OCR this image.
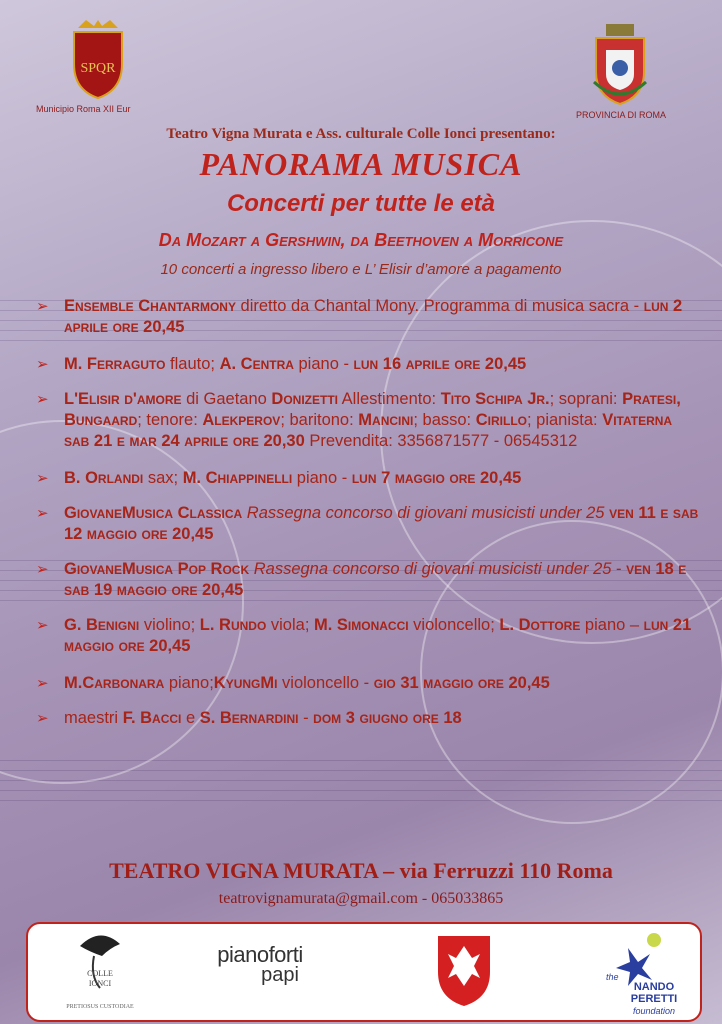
SPQR
Municipio Roma XII Eur
PROVINCIA DI ROMA
Teatro Vigna Murata e Ass. culturale Colle Ionci presentano:
PANORAMA MUSICA
Concerti per tutte le età
Da Mozart a Gershwin, da Beethoven a Morricone
10 concerti a ingresso libero e L’ Elisir d’amore a pagamento
➢ Ensemble Chantarmony diretto da Chantal Mony. Programma di musica sacra - lun 2 aprile ore 20,45
➢ M. Ferraguto flauto; A. Centra piano - lun 16 aprile ore 20,45
➢ L'Elisir d'amore di Gaetano Donizetti Allestimento: Tito Schipa Jr.; soprani: Pratesi, Bungaard; tenore: Alekperov; baritono: Mancini; basso: Cirillo; pianista: Vitaterna sab 21 e mar 24 aprile ore 20,30 Prevendita: 3356871577 - 06545312
➢ B. Orlandi sax; M. Chiappinelli piano - lun 7 maggio ore 20,45
➢ GiovaneMusica Classica Rassegna concorso di giovani musicisti under 25 ven 11 e sab 12 maggio ore 20,45
➢ GiovaneMusica Pop Rock Rassegna concorso di giovani musicisti under 25 - ven 18 e sab 19 maggio ore 20,45
➢ G. Benigni violino; L. Rundo viola; M. Simonacci violoncello; L. Dottore piano – lun 21 maggio ore 20,45
➢ M.Carbonara piano;KyungMi violoncello - gio 31 maggio ore 20,45
➢ maestri F. Bacci e S. Bernardini - dom 3 giugno ore 18
TEATRO VIGNA MURATA – via Ferruzzi 110 Roma
teatrovignamurata@gmail.com - 065033865
COLLE
IONCI
PRETIOSUS CUSTODIAE
pianoforti
papi	the
NANDO
PERETTI
foundation
